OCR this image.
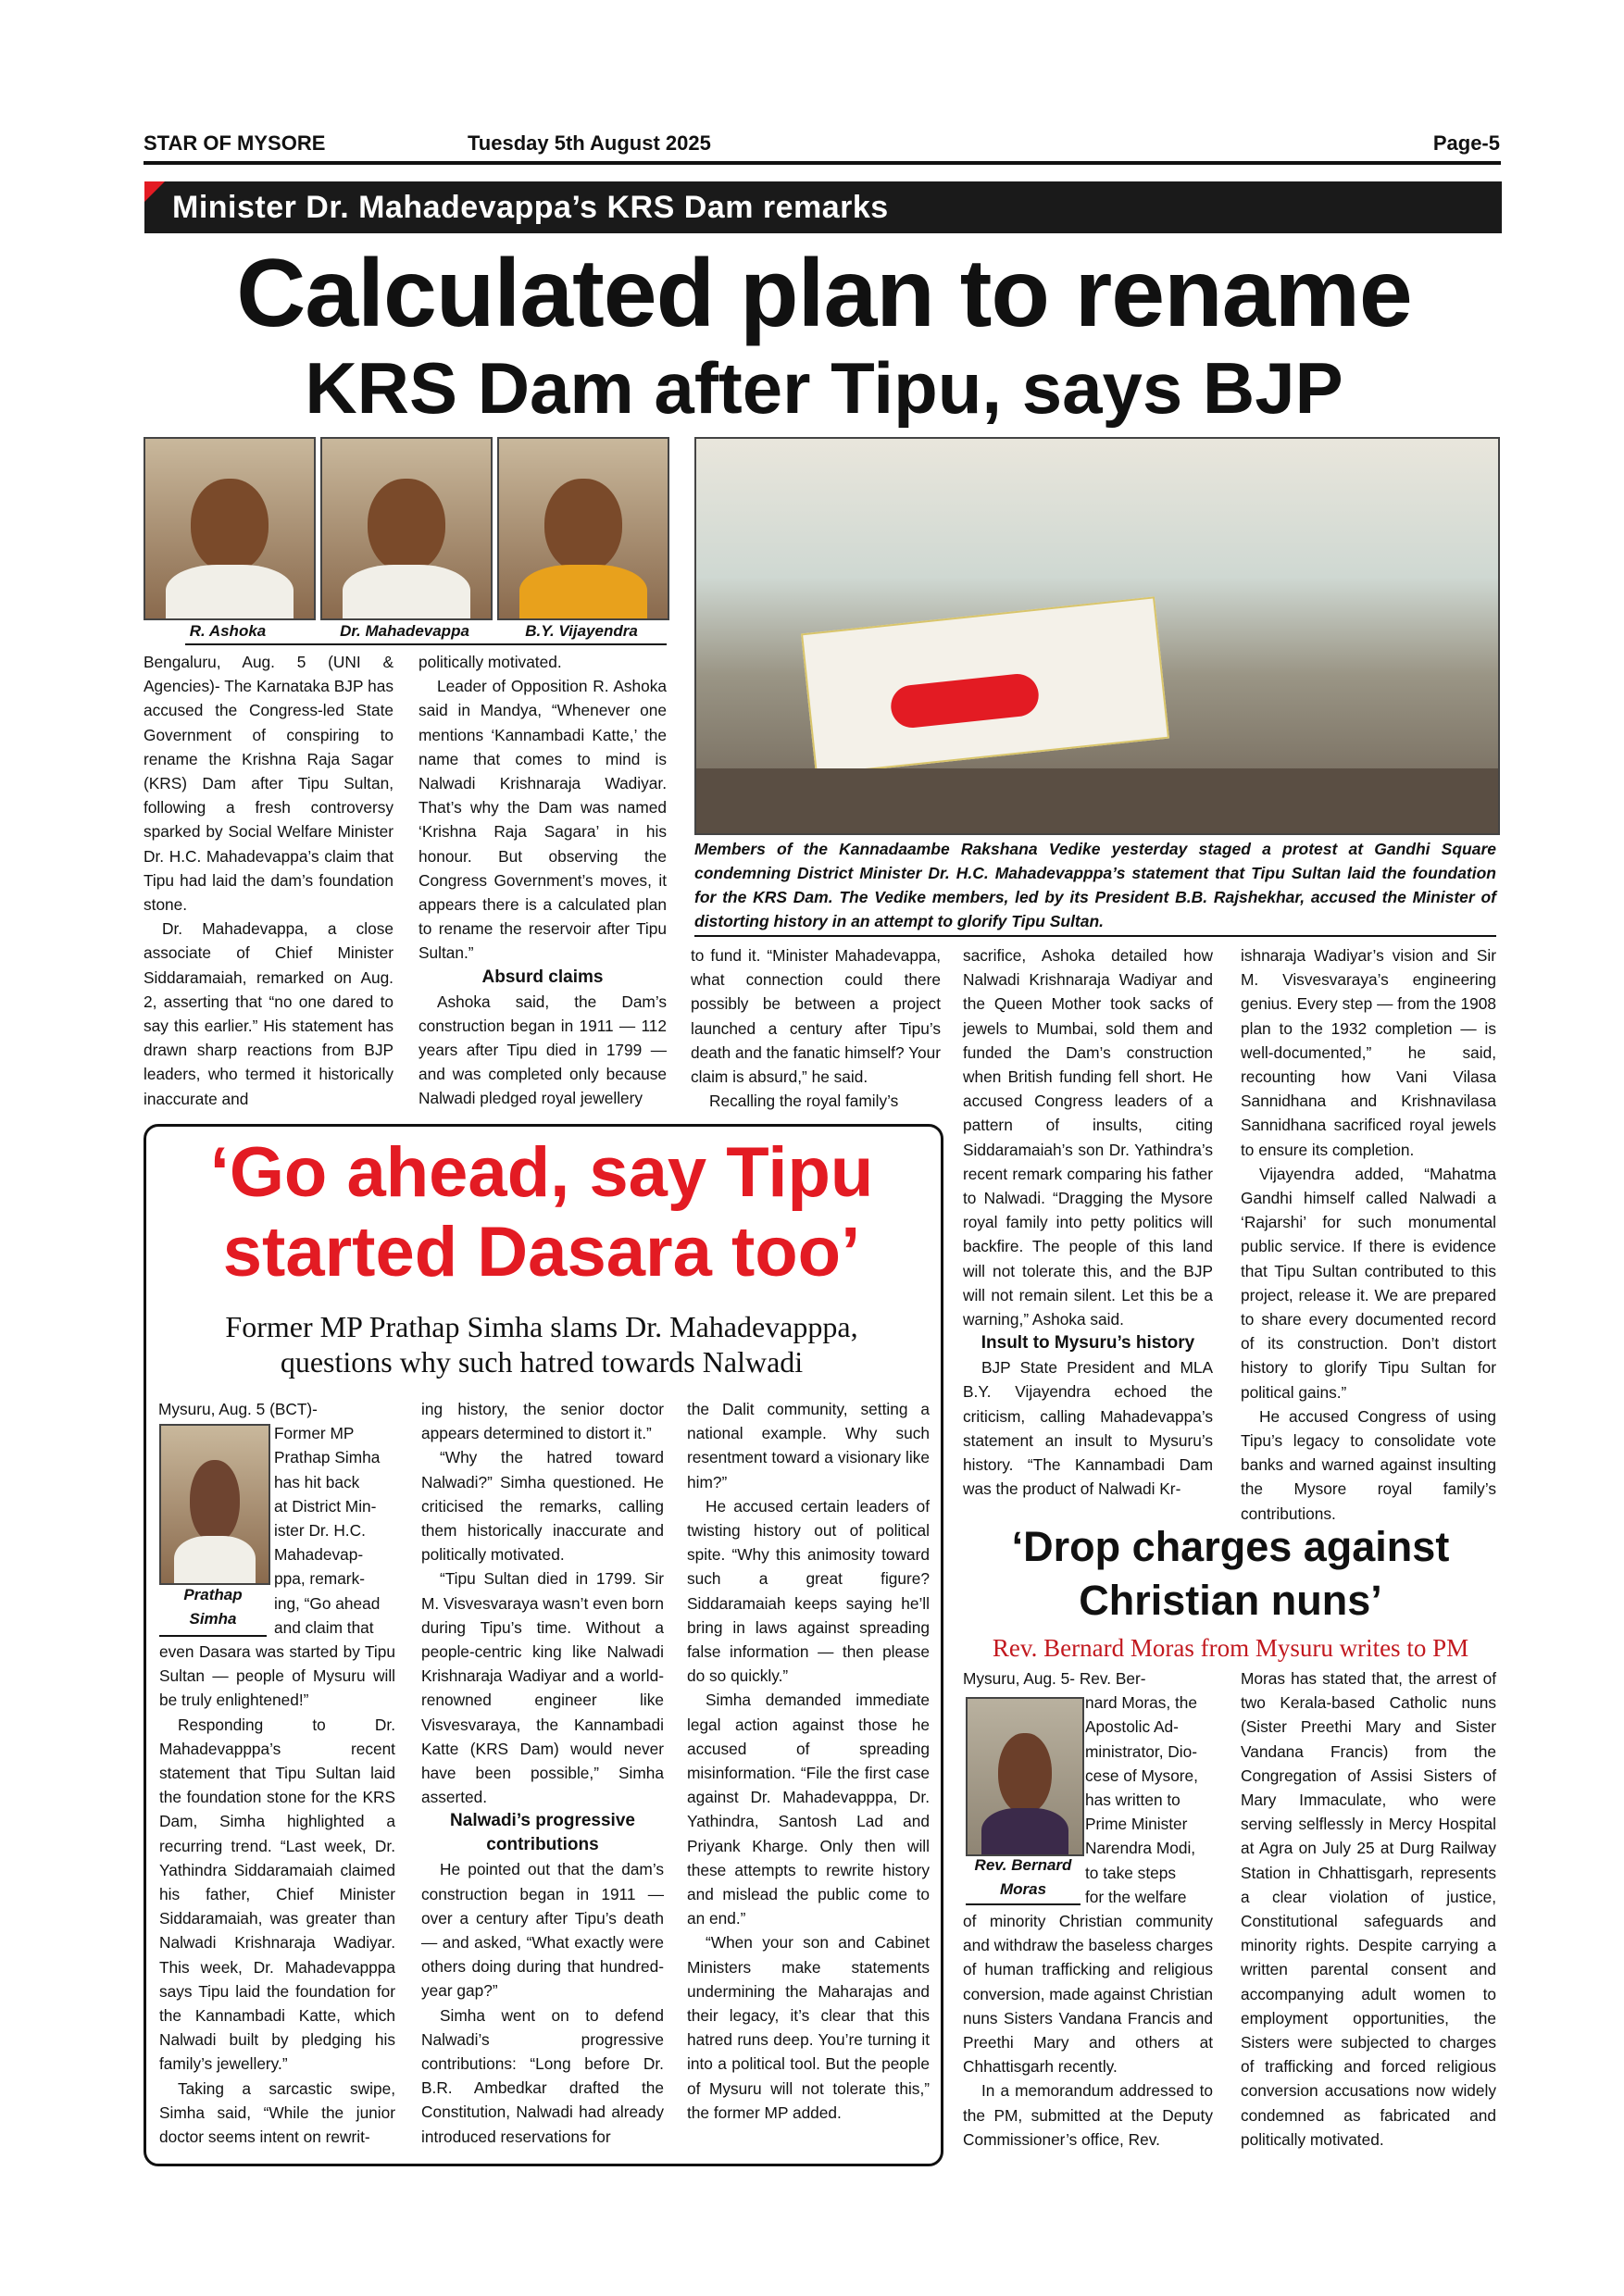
STAR OF MYSORE	Tuesday 5th August 2025	Page-5
Minister Dr. Mahadevappa’s KRS Dam remarks
Calculated plan to rename
KRS Dam after Tipu, says BJP
R. Ashoka	Dr. Mahadevappa	B.Y. Vijayendra
Members of the Kannadaambe Rakshana Vedike yesterday staged a protest at Gandhi Square condemning District Minister Dr. H.C. Mahadevapppa’s statement that Tipu Sultan laid the foundation for the KRS Dam. The Vedike members, led by its President B.B. Rajshekhar, accused the Minister of distorting history in an attempt to glorify Tipu Sultan.

Bengaluru, Aug. 5 (UNI & Agencies)- The Karnataka BJP has accused the Congress-led State Government of conspiring to rename the Krishna Raja Sagar (KRS) Dam after Tipu Sultan, following a fresh controversy sparked by Social Welfare Minister Dr. H.C. Mahadevappa’s claim that Tipu had laid the dam’s foundation stone.

Dr. Mahadevappa, a close associate of Chief Minister Siddaramaiah, remarked on Aug. 2, asserting that “no one dared to say this earlier.” His statement has drawn sharp reactions from BJP leaders, who termed it historically inaccurate and

politically motivated.

Leader of Opposition R. Ashoka said in Mandya, “Whenever one mentions ‘Kannambadi Katte,’ the name that comes to mind is Nalwadi Krishnaraja Wadiyar. That’s why the Dam was named ‘Krishna Raja Sagara’ in his honour. But observing the Congress Government’s moves, it appears there is a calculated plan to rename the reservoir after Tipu Sultan.”

Absurd claims

Ashoka said, the Dam’s construction began in 1911 — 112 years after Tipu died in 1799 — and was completed only because Nalwadi pledged royal jewellery

to fund it. “Minister Mahadevappa, what connection could there possibly be between a project launched a century after Tipu’s death and the fanatic himself? Your claim is absurd,” he said.

Recalling the royal family’s

sacrifice, Ashoka detailed how Nalwadi Krishnaraja Wadiyar and the Queen Mother took sacks of jewels to Mumbai, sold them and funded the Dam’s construction when British funding fell short. He accused Congress leaders of a pattern of insults, citing Siddaramaiah’s son Dr. Yathindra’s recent remark comparing his father to Nalwadi. “Dragging the Mysore royal family into petty politics will backfire. The people of this land will not tolerate this, and the BJP will not remain silent. Let this be a warning,” Ashoka said.

Insult to Mysuru’s history

BJP State President and MLA B.Y. Vijayendra echoed the criticism, calling Mahadevappa’s statement an insult to Mysuru’s history. “The Kannambadi Dam was the product of Nalwadi Kr-

ishnaraja Wadiyar’s vision and Sir M. Visvesvaraya’s engineering genius. Every step — from the 1908 plan to the 1932 completion — is well-documented,” he said, recounting how Vani Vilasa Sannidhana and Krishnavilasa Sannidhana sacrificed royal jewels to ensure its completion.

Vijayendra added, “Mahatma Gandhi himself called Nalwadi a ‘Rajarshi’ for such monumental public service. If there is evidence that Tipu Sultan contributed to this project, release it. We are prepared to share every documented record of its construction. Don’t distort history to glorify Tipu Sultan for political gains.”

He accused Congress of using Tipu’s legacy to consolidate vote banks and warned against insulting the Mysore royal family’s contributions.

‘Go ahead, say Tipu
started Dasara too’
Former MP Prathap Simha slams Dr. Mahadevapppa,
questions why such hatred towards Nalwadi
Prathap Simha
Mysuru, Aug. 5 (BCT)-
Former MP
Prathap Simha
has hit back
at District Min-
ister Dr. H.C.
Mahadevap-
ppa, remark-
ing, “Go ahead
and claim that

even Dasara was started by Tipu Sultan — people of Mysuru will be truly enlightened!”

Responding to Dr. Mahadevapppa’s recent statement that Tipu Sultan laid the foundation stone for the KRS Dam, Simha highlighted a recurring trend. “Last week, Dr. Yathindra Siddaramaiah claimed his father, Chief Minister Siddaramaiah, was greater than Nalwadi Krishnaraja Wadiyar. This week, Dr. Mahadevapppa says Tipu laid the foundation for the Kannambadi Katte, which Nalwadi built by pledging his family’s jewellery.”

Taking a sarcastic swipe, Simha said, “While the junior doctor seems intent on rewrit-

ing history, the senior doctor appears determined to distort it.”

“Why the hatred toward Nalwadi?” Simha questioned. He criticised the remarks, calling them historically inaccurate and politically motivated.

“Tipu Sultan died in 1799. Sir M. Visvesvaraya wasn’t even born during Tipu’s time. Without a people-centric king like Nalwadi Krishnaraja Wadiyar and a world-renowned engineer like Visvesvaraya, the Kannambadi Katte (KRS Dam) would never have been possible,” Simha asserted.

Nalwadi’s progressive contributions

He pointed out that the dam’s construction began in 1911 — over a century after Tipu’s death — and asked, “What exactly were others doing during that hundred-year gap?”

Simha went on to defend Nalwadi’s progressive contributions: “Long before Dr. B.R. Ambedkar drafted the Constitution, Nalwadi had already introduced reservations for

the Dalit community, setting a national example. Why such resentment toward a visionary like him?”

He accused certain leaders of twisting history out of political spite. “Why this animosity toward such a great figure? Siddaramaiah keeps saying he’ll bring in laws against spreading false information — then please do so quickly.”

Simha demanded immediate legal action against those he accused of spreading misinformation. “File the first case against Dr. Mahadevapppa, Dr. Yathindra, Santosh Lad and Priyank Kharge. Only then will these attempts to rewrite history and mislead the public come to an end.”

“When your son and Cabinet Ministers make statements undermining the Maharajas and their legacy, it’s clear that this hatred runs deep. You’re turning it into a political tool. But the people of Mysuru will not tolerate this,” the former MP added.

‘Drop charges against
Christian nuns’
Rev. Bernard Moras from Mysuru writes to PM
Rev. Bernard Moras
Mysuru, Aug. 5- Rev. Ber-
nard Moras, the
Apostolic Ad-
ministrator, Dio-
cese of Mysore,
has written to
Prime Minister
Narendra Modi,
to take steps
for the welfare

of minority Christian community and withdraw the baseless charges of human trafficking and religious conversion, made against Christian nuns Sisters Vandana Francis and Preethi Mary and others at Chhattisgarh recently.

In a memorandum addressed to the PM, submitted at the Deputy Commissioner’s office, Rev.

Moras has stated that, the arrest of two Kerala-based Catholic nuns (Sister Preethi Mary and Sister Vandana Francis) from the Congregation of Assisi Sisters of Mary Immaculate, who were serving selflessly in Mercy Hospital at Agra on July 25 at Durg Railway Station in Chhattisgarh, represents a clear violation of justice, Constitutional safeguards and minority rights. Despite carrying a written parental consent and accompanying adult women to employment opportunities, the Sisters were subjected to charges of trafficking and forced religious conversion accusations now widely condemned as fabricated and politically motivated.
